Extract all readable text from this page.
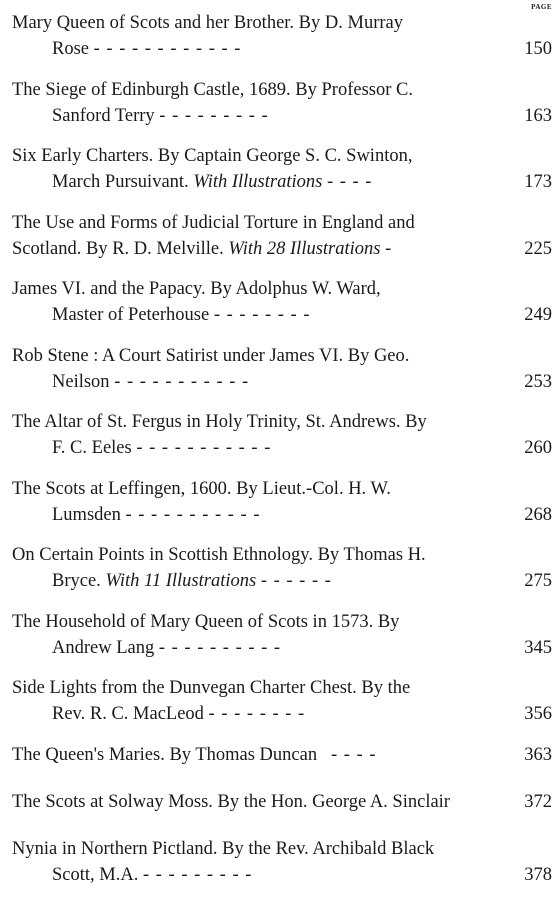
PAGE
Mary Queen of Scots and her Brother. By D. Murray
Rose - - - - - - - - - - - -	150
The Siege of Edinburgh Castle, 1689. By Professor C.
Sanford Terry - - - - - - - - -	163
Six Early Charters. By Captain George S. C. Swinton,
March Pursuivant. With Illustrations - - - -	173
The Use and Forms of Judicial Torture in England and
Scotland. By R. D. Melville. With 28 Illustrations -	225
James VI. and the Papacy. By Adolphus W. Ward,
Master of Peterhouse - - - - - - - -	249
Rob Stene : A Court Satirist under James VI. By Geo.
Neilson - - - - - - - - - - -	253
The Altar of St. Fergus in Holy Trinity, St. Andrews. By
F. C. Eeles - - - - - - - - - - -	260
The Scots at Leffingen, 1600. By Lieut.-Col. H. W.
Lumsden - - - - - - - - - - -	268
On Certain Points in Scottish Ethnology. By Thomas H.
Bryce. With 11 Illustrations - - - - - -	275
The Household of Mary Queen of Scots in 1573. By
Andrew Lang - - - - - - - - - -	345
Side Lights from the Dunvegan Charter Chest. By the
Rev. R. C. MacLeod - - - - - - - -	356
The Queen's Maries. By Thomas Duncan - - - -	363
The Scots at Solway Moss. By the Hon. George A. Sinclair	372
Nynia in Northern Pictland. By the Rev. Archibald Black
Scott, M.A. - - - - - - - - -	378
